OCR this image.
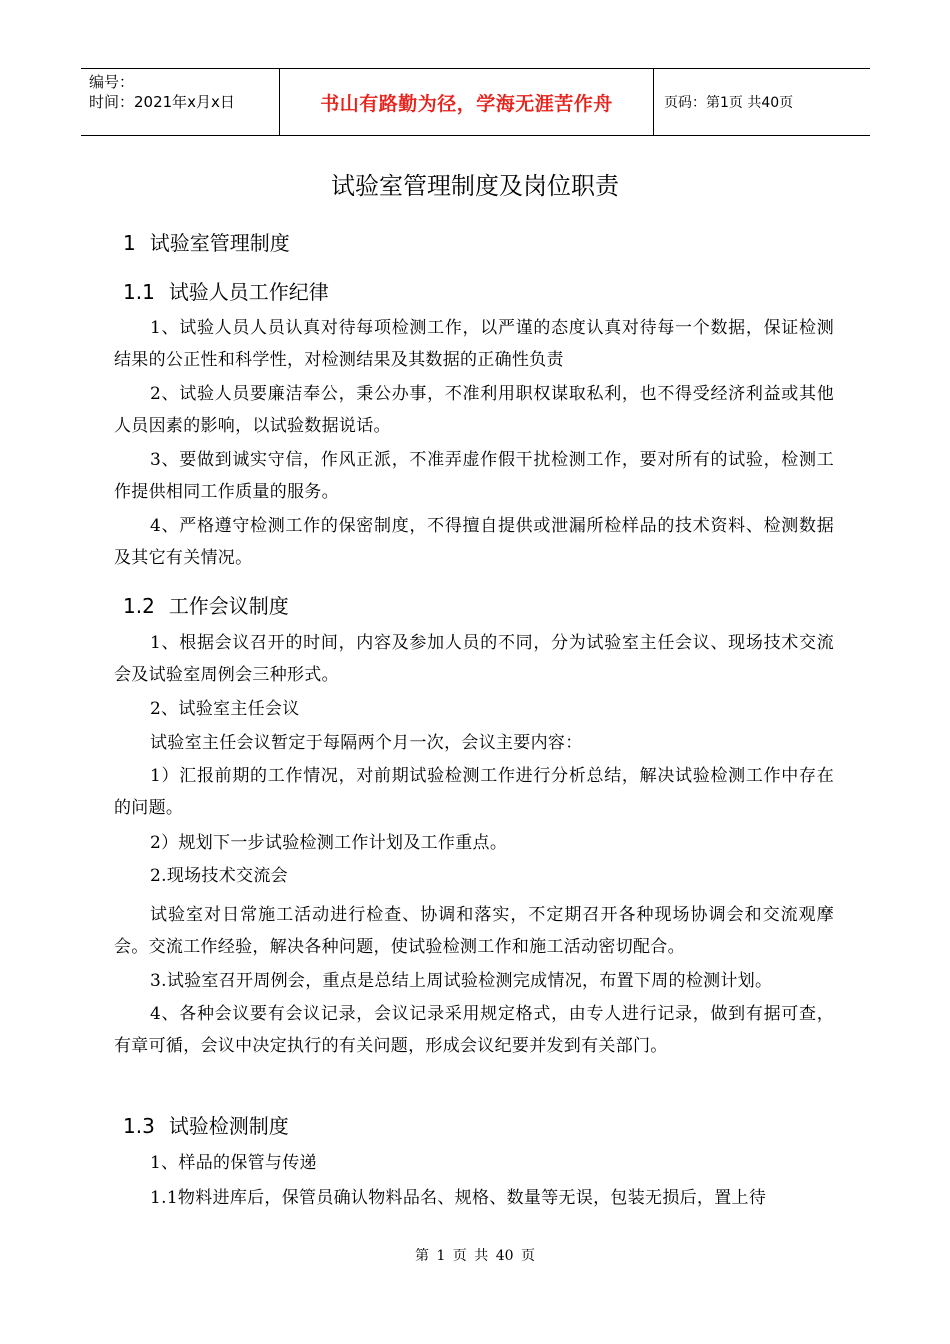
编号：
时间：2021年x月x日	书山有路勤为径，学海无涯苦作舟	页码：第1页 共40页
试验室管理制度及岗位职责
1 试验室管理制度
1.1 试验人员工作纪律
1、试验人员人员认真对待每项检测工作，以严谨的态度认真对待每一个数据，保证检测结果的公正性和科学性，对检测结果及其数据的正确性负责
2、试验人员要廉洁奉公，秉公办事，不准利用职权谋取私利，也不得受经济利益或其他人员因素的影响，以试验数据说话。
3、要做到诚实守信，作风正派，不准弄虚作假干扰检测工作，要对所有的试验，检测工作提供相同工作质量的服务。
4、严格遵守检测工作的保密制度，不得擅自提供或泄漏所检样品的技术资料、检测数据及其它有关情况。
1.2 工作会议制度
1、根据会议召开的时间，内容及参加人员的不同，分为试验室主任会议、现场技术交流会及试验室周例会三种形式。
2、试验室主任会议
试验室主任会议暂定于每隔两个月一次，会议主要内容：
1）汇报前期的工作情况，对前期试验检测工作进行分析总结，解决试验检测工作中存在的问题。
2）规划下一步试验检测工作计划及工作重点。
2.现场技术交流会
试验室对日常施工活动进行检查、协调和落实，不定期召开各种现场协调会和交流观摩会。交流工作经验，解决各种问题，使试验检测工作和施工活动密切配合。
3.试验室召开周例会，重点是总结上周试验检测完成情况，布置下周的检测计划。
4、各种会议要有会议记录，会议记录采用规定格式，由专人进行记录，做到有据可查，有章可循，会议中决定执行的有关问题，形成会议纪要并发到有关部门。
1.3 试验检测制度
1、样品的保管与传递
1.1物料进库后，保管员确认物料品名、规格、数量等无误，包装无损后，置上待
第 1 页 共 40 页
